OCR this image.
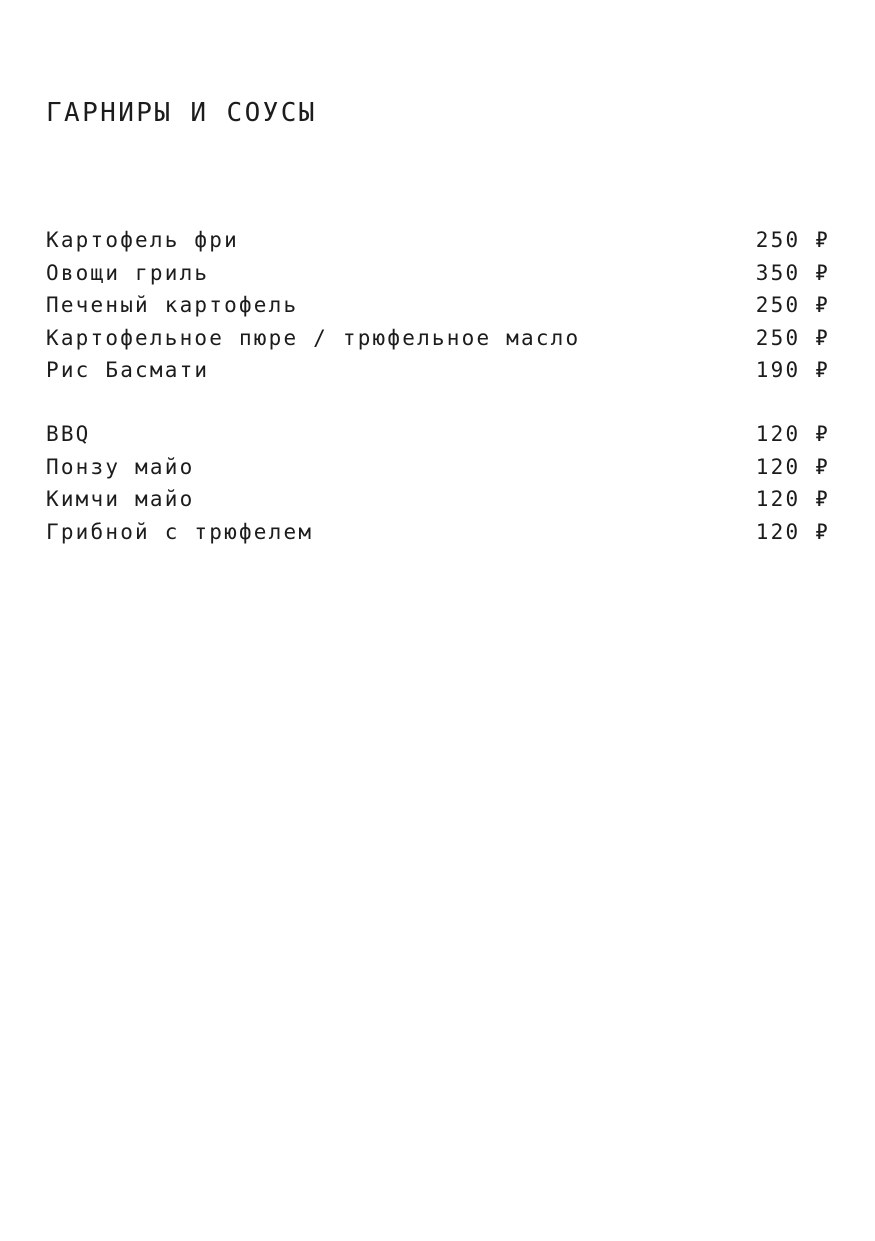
ГАРНИРЫ И СОУСЫ
Картофель фри	250 ₽
Овощи гриль	350 ₽
Печеный картофель	250 ₽
Картофельное пюре / трюфельное масло	250 ₽
Рис Басмати	190 ₽
BBQ	120 ₽
Понзу майо	120 ₽
Кимчи майо	120 ₽
Грибной с трюфелем	120 ₽
